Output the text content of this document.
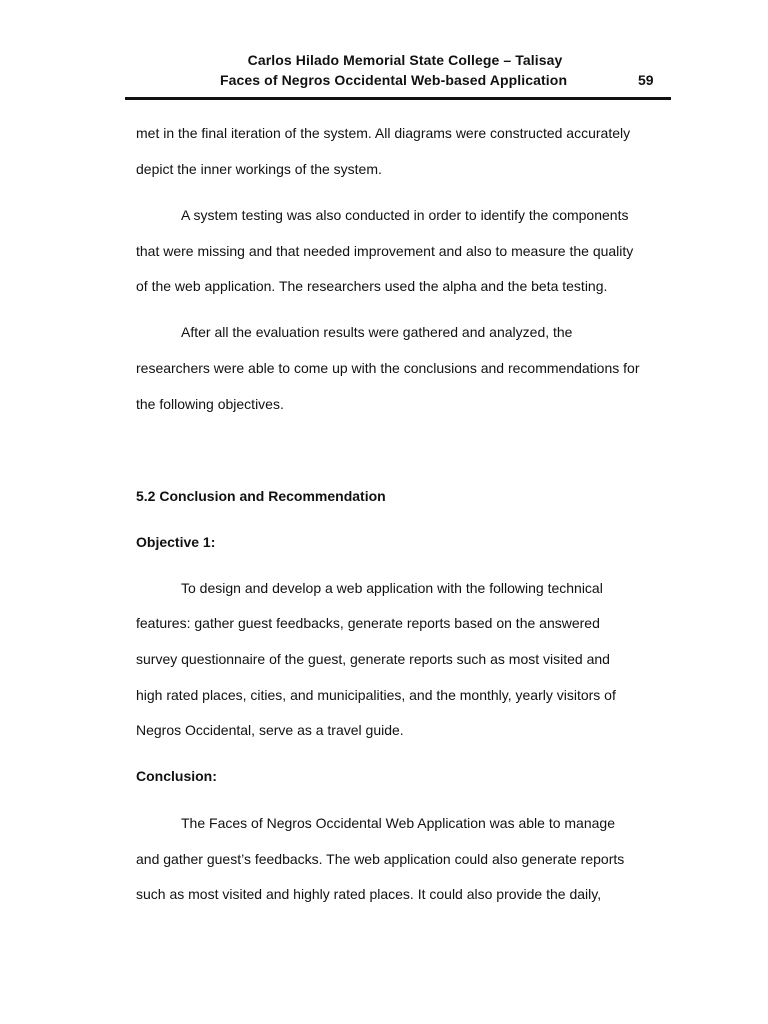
Carlos Hilado Memorial State College – Talisay
Faces of Negros Occidental Web-based Application	59
met in the final iteration of the system. All diagrams were constructed accurately
depict the inner workings of the system.
A system testing was also conducted in order to identify the components
that were missing and that needed improvement and also to measure the quality
of the web application. The researchers used the alpha and the beta testing.
After all the evaluation results were gathered and analyzed, the
researchers were able to come up with the conclusions and recommendations for
the following objectives.
5.2 Conclusion and Recommendation
Objective 1:
To design and develop a web application with the following technical
features: gather guest feedbacks, generate reports based on the answered
survey questionnaire of the guest, generate reports such as most visited and
high rated places, cities, and municipalities, and the monthly, yearly visitors of
Negros Occidental, serve as a travel guide.
Conclusion:
The Faces of Negros Occidental Web Application was able to manage
and gather guest’s feedbacks. The web application could also generate reports
such as most visited and highly rated places. It could also provide the daily,
